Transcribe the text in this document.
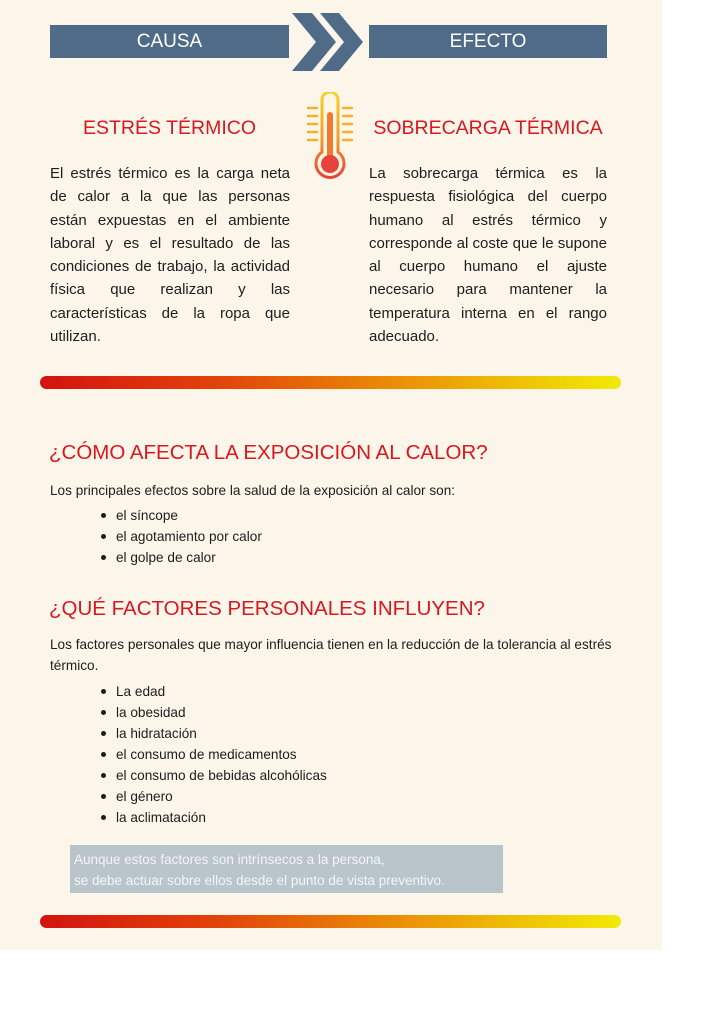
CAUSA	EFECTO
ESTRÉS TÉRMICO	SOBRECARGA TÉRMICA

El estrés térmico es la carga neta de calor a la que las personas están expuestas en el ambiente laboral y es el resultado de las condiciones de trabajo, la actividad física que realizan y las características de la ropa que utilizan.

La sobrecarga térmica es la respuesta fisiológica del cuerpo humano al estrés térmico y corresponde al coste que le supone al cuerpo humano el ajuste necesario para mantener la temperatura interna en el rango adecuado.

¿CÓMO AFECTA LA EXPOSICIÓN AL CALOR?

Los principales efectos sobre la salud de la exposición al calor son:

el síncope
el agotamiento por calor
el golpe de calor
¿QUÉ FACTORES PERSONALES INFLUYEN?

Los factores personales que mayor influencia tienen en la reducción de la tolerancia al estrés térmico.

La edad
la obesidad
la hidratación
el consumo de medicamentos
el consumo de bebidas alcohólicas
el género
la aclimatación
Aunque estos factores son intrínsecos a la persona,
se debe actuar sobre ellos desde el punto de vista preventivo.
